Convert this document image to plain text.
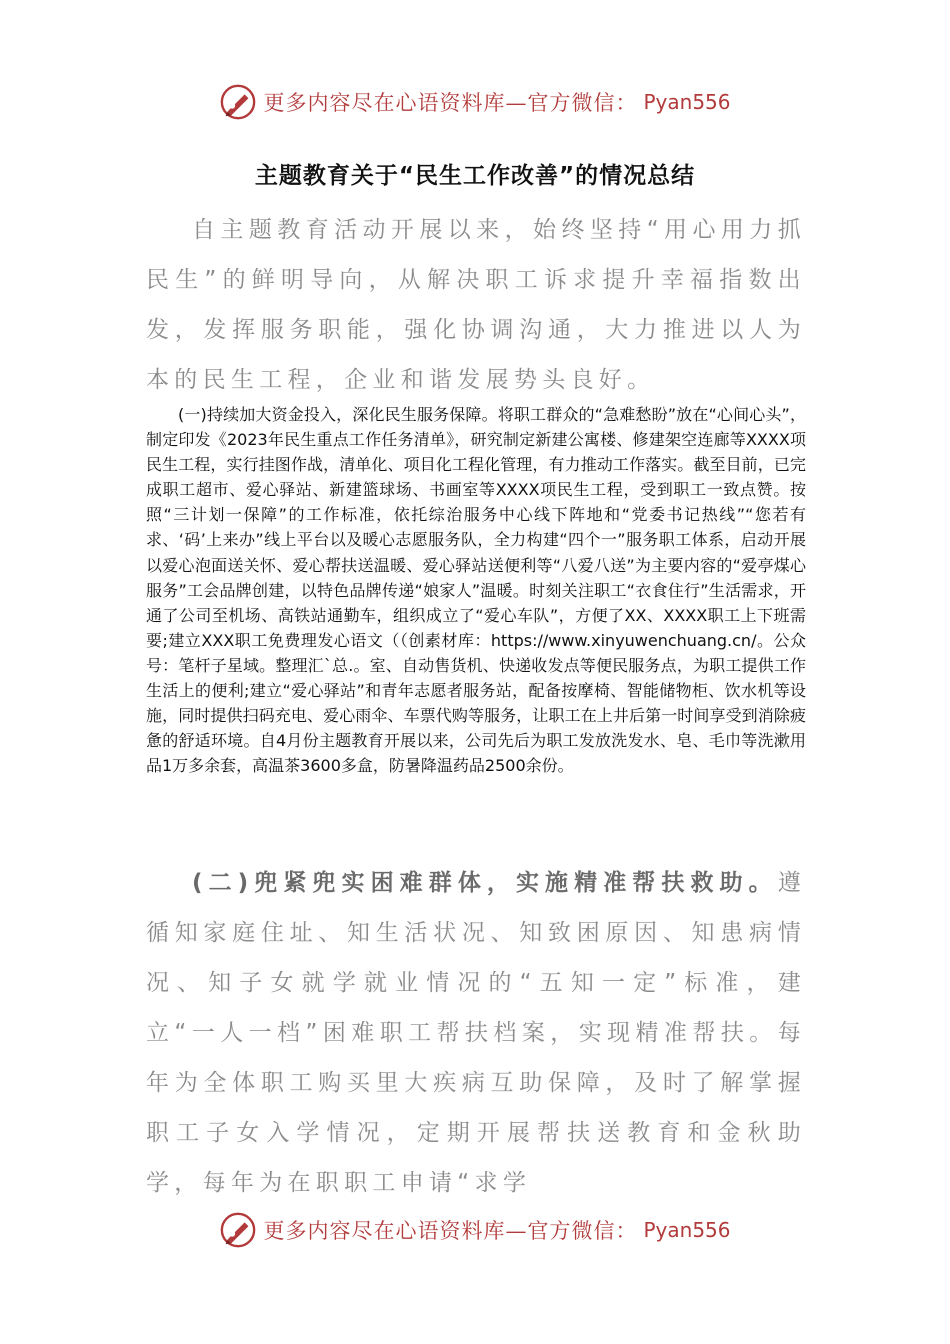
更多内容尽在心语资料库—官方微信： Pyan556
主题教育关于“民生工作改善”的情况总结
自主题教育活动开展以来，始终坚持“用心用力抓民生”的鲜明导向，从解决职工诉求提升幸福指数出发，发挥服务职能，强化协调沟通，大力推进以人为本的民生工程，企业和谐发展势头良好。
(一)持续加大资金投入，深化民生服务保障。将职工群众的“急难愁盼”放在“心间心头”，制定印发《2023年民生重点工作任务清单》，研究制定新建公寓楼、修建架空连廊等XXXX项民生工程，实行挂图作战，清单化、项目化工程化管理，有力推动工作落实。截至目前，已完成职工超市、爱心驿站、新建篮球场、书画室等XXXX项民生工程，受到职工一致点赞。按照“三计划一保障”的工作标准，依托综治服务中心线下阵地和“党委书记热线”“您若有求、‘码’上来办”线上平台以及暖心志愿服务队，全力构建“四个一”服务职工体系，启动开展　以爱心泡面送关怀、爱心帮扶送温暖、爱心驿站送便利等“八爱八送”为主要内容的“爱亭煤心服务”工会品牌创建，以特色品牌传递“娘家人”温暖。时刻关注职工“衣食住行”生活需求，开通了公司至机场、高铁站通勤车，组织成立了“爱心车队”，方便了XX、XXXX职工上下班需要;建立XXX职工免费理发心语文（（创素材库：https://www.xinyuwenchuang.cn/。公众号：笔杆子星域。整理汇`总.。室、自动售货机、快递收发点等便民服务点，为职工提供工作生活上的便利;建立“爱心驿站”和青年志愿者服务站，配备按摩椅、智能储物柜、饮水机等设施，同时提供扫码充电、爱心雨伞、车票代购等服务，让职工在上井后第一时间享受到消除疲惫的舒适环境。自4月份主题教育开展以来，公司先后为职工发放洗发水、皂、毛巾等洗漱用品1万多余套，高温茶3600多盒，防暑降温药品2500余份。
(二)兜紧兜实困难群体，实施精准帮扶救助。遵循知家庭住址、知生活状况、知致困原因、知患病情况、知子女就学就业情况的“五知一定”标准，建立“一人一档”困难职工帮扶档案，实现精准帮扶。每年为全体职工购买里大疾病互助保障，及时了解掌握职工子女入学情况，定期开展帮扶送教育和金秋助学，每年为在职职工申请“求学
更多内容尽在心语资料库—官方微信： Pyan556
